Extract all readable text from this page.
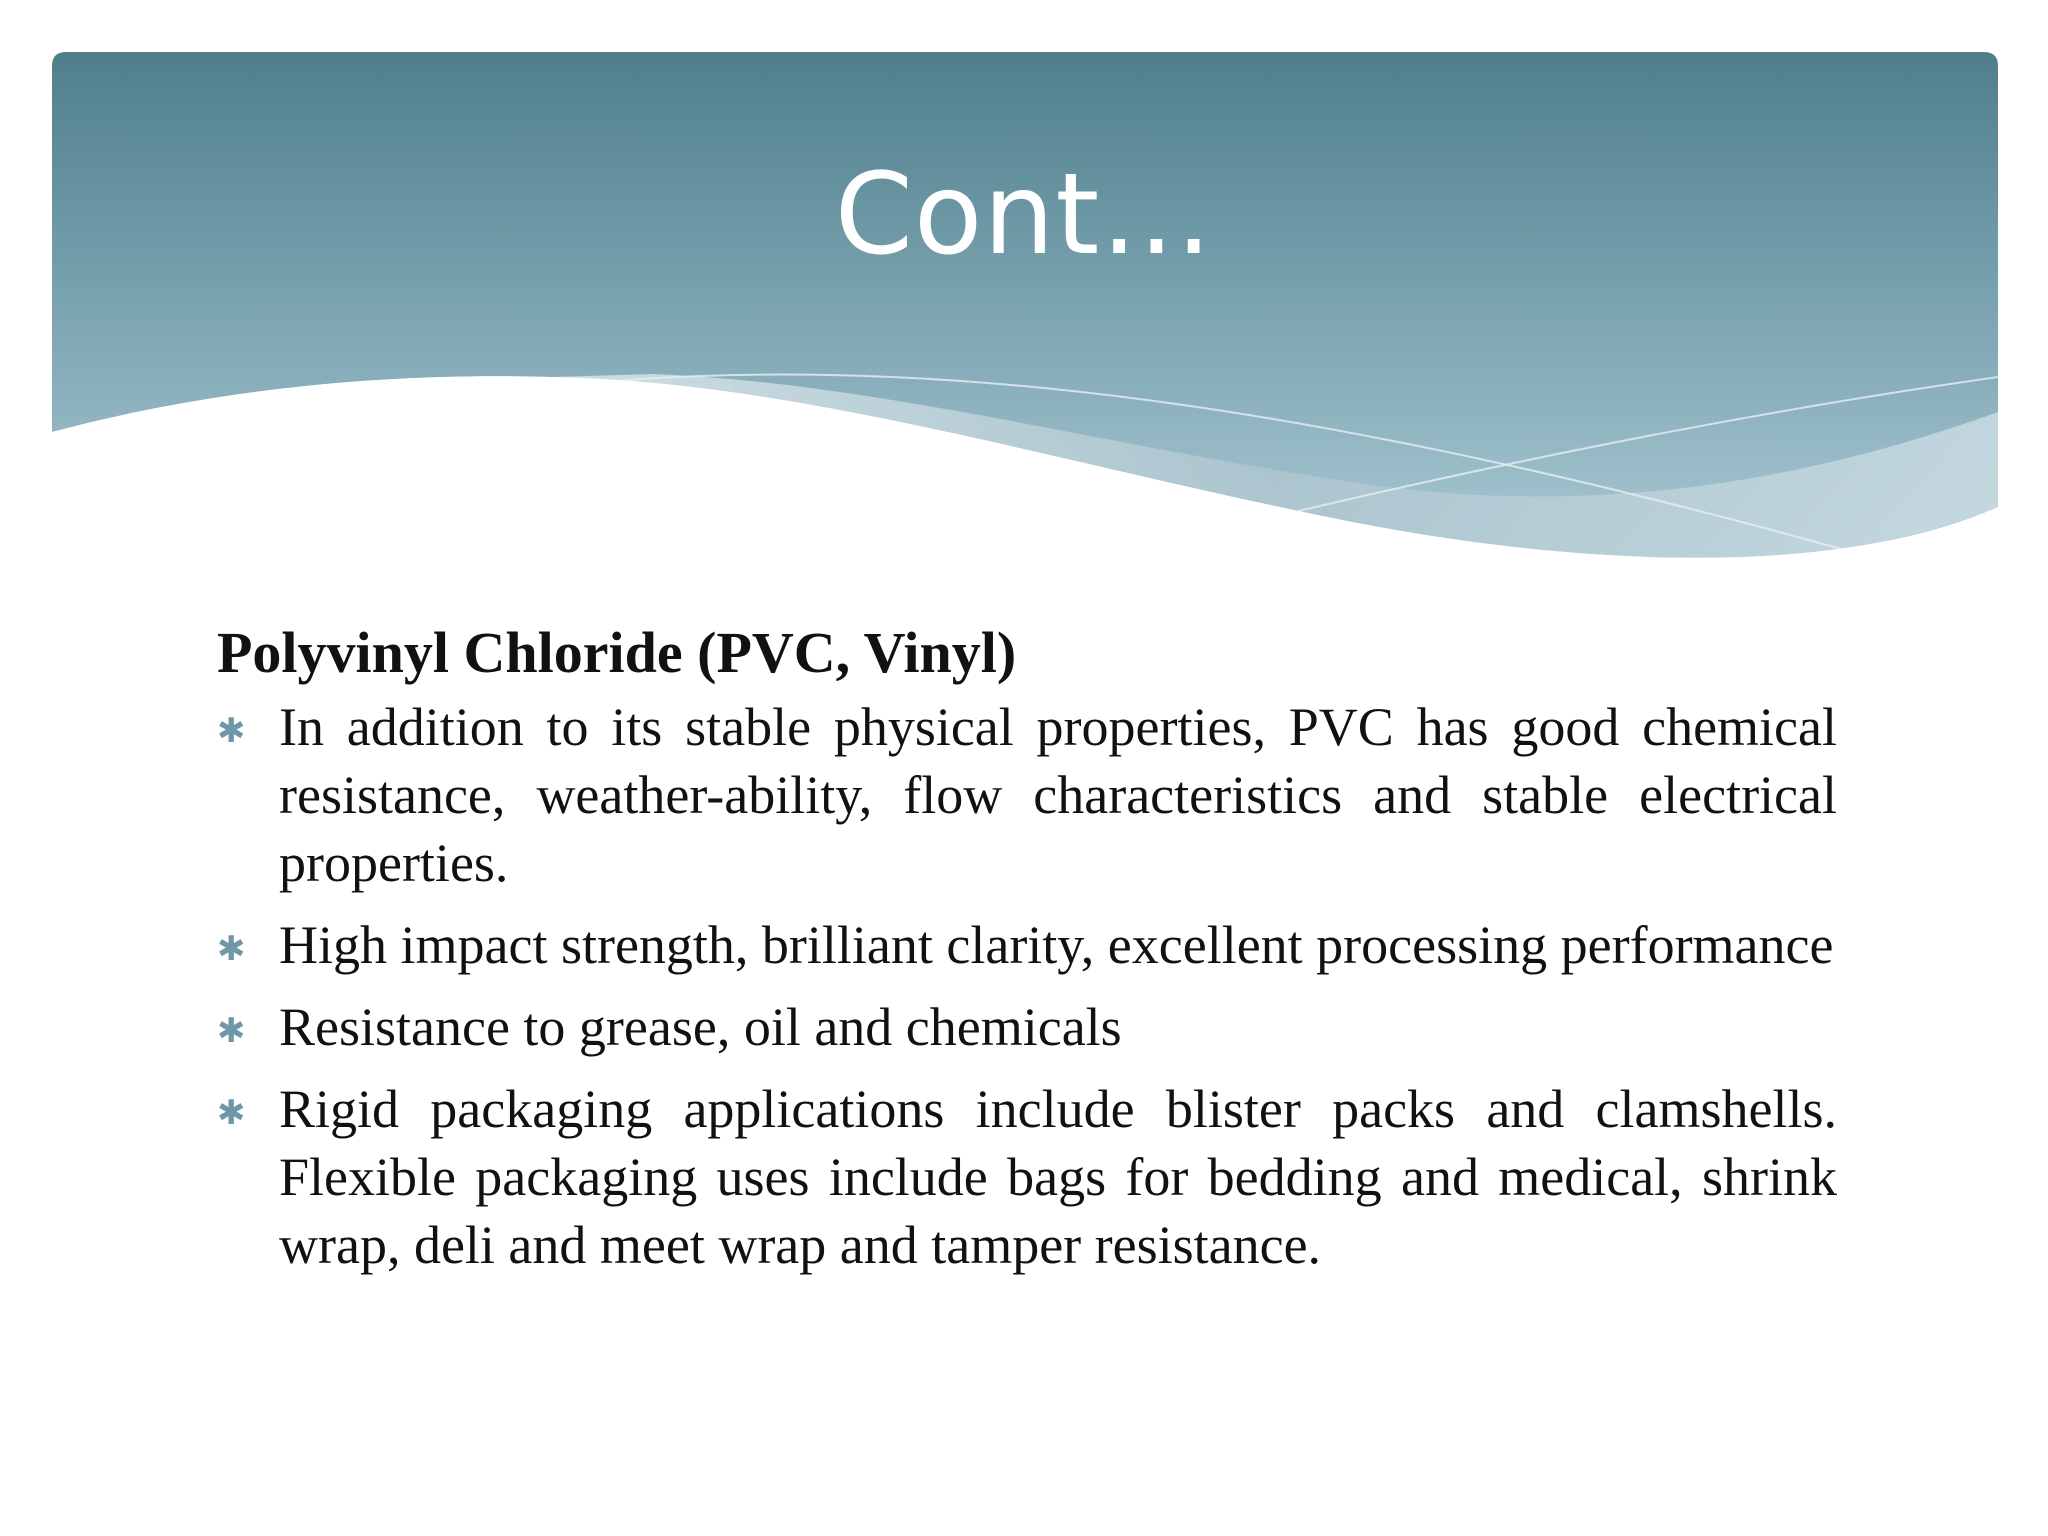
Cont…

Polyvinyl Chloride (PVC, Vinyl)

✱ In addition to its stable physical properties, PVC has good chemical resistance, weather-ability, flow characteristics and stable electrical properties.
✱ High impact strength, brilliant clarity, excellent processing performance
✱ Resistance to grease, oil and chemicals
✱ Rigid packaging applications include blister packs and clamshells. Flexible packaging uses include bags for bedding and medical, shrink wrap, deli and meet wrap and tamper resistance.
